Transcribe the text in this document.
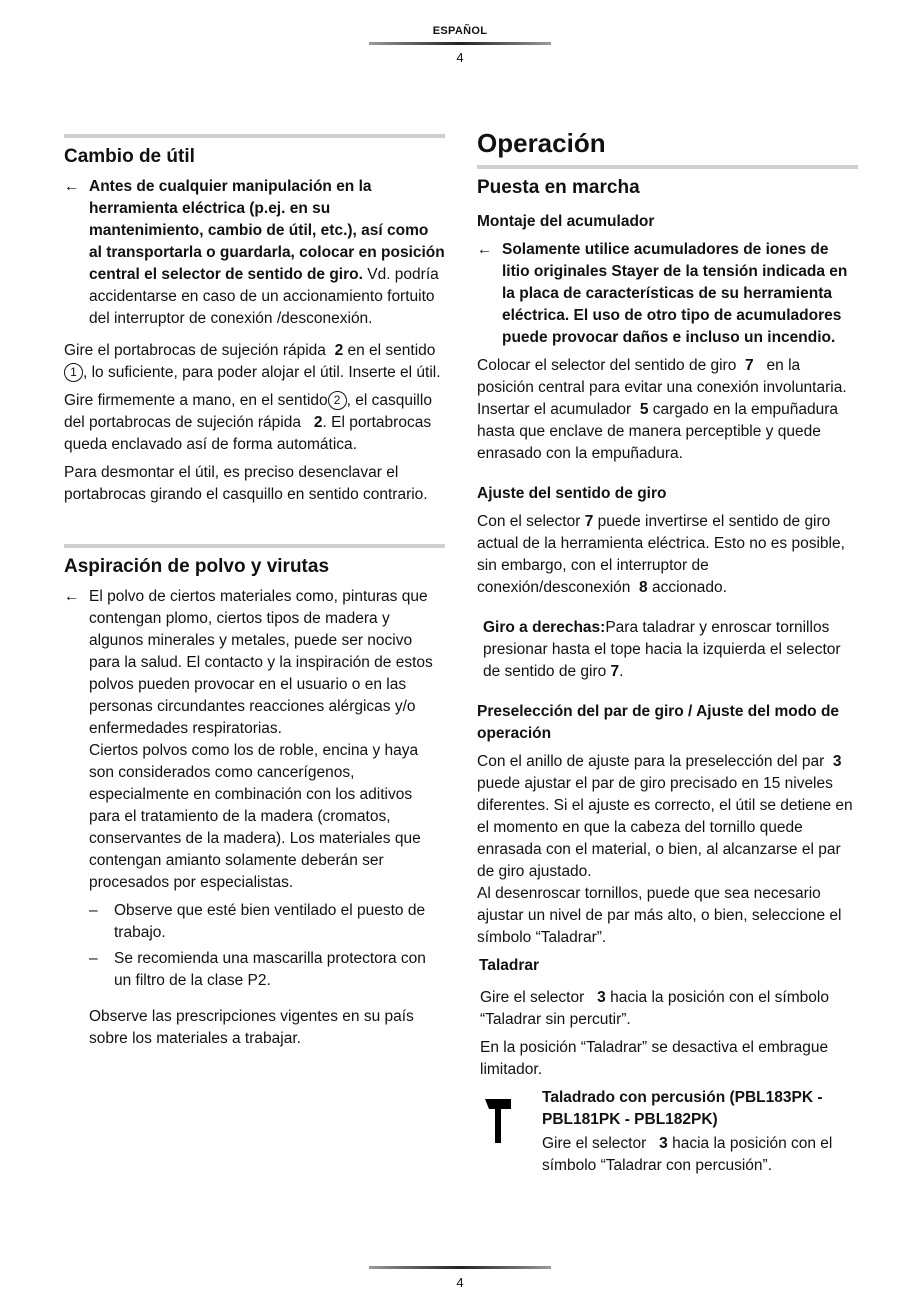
ESPAÑOL
4
Cambio de útil
← Antes de cualquier manipulación en la herramienta eléctrica (p.ej. en su mantenimiento, cambio de útil, etc.), así como al transportarla o guardarla, colocar en posición central el selector de sentido de giro. Vd. podría accidentarse en caso de un accionamiento fortuito del interruptor de conexión /desconexión.

Gire el portabrocas de sujeción rápida 2 en el sentido 1 , lo suficiente, para poder alojar el útil. Inserte el útil.

Gire firmemente a mano, en el sentido 2 , el casquillo del portabrocas de sujeción rápida 2. El portabrocas queda enclavado así de forma automática.

Para desmontar el útil, es preciso desenclavar el portabrocas girando el casquillo en sentido contrario.

Aspiración de polvo y virutas
← El polvo de ciertos materiales como, pinturas que contengan plomo, ciertos tipos de madera y algunos minerales y metales, puede ser nocivo para la salud. El contacto y la inspiración de estos polvos pueden provocar en el usuario o en las personas circundantes reacciones alérgicas y/o enfermedades respiratorias.

Ciertos polvos como los de roble, encina y haya son considerados como cancerígenos, especialmente en combinación con los aditivos para el tratamiento de la madera (cromatos, conservantes de la madera). Los materiales que contengan amianto solamente deberán ser procesados por especialistas.

– Observe que esté bien ventilado el puesto de trabajo.
– Se recomienda una mascarilla protectora con un filtro de la clase P2.

Observe las prescripciones vigentes en su país sobre los materiales a trabajar.

Operación
Puesta en marcha
Montaje del acumulador
← Solamente utilice acumuladores de iones de litio originales Stayer de la tensión indicada en la placa de características de su herramienta eléctrica. El uso de otro tipo de acumuladores puede provocar daños e incluso un incendio.

Colocar el selector del sentido de giro 7 en la posición central para evitar una conexión involuntaria. Insertar el acumulador 5 cargado en la empuñadura hasta que enclave de manera perceptible y quede enrasado con la empuñadura.

Ajuste del sentido de giro

Con el selector 7 puede invertirse el sentido de giro actual de la herramienta eléctrica. Esto no es posible, sin embargo, con el interruptor de conexión/desconexión 8 accionado.

Giro a derechas:Para taladrar y enroscar tornillos presionar hasta el tope hacia la izquierda el selector de sentido de giro 7.

Preselección del par de giro / Ajuste del modo de operación

Con el anillo de ajuste para la preselección del par 3 puede ajustar el par de giro precisado en 15 niveles diferentes. Si el ajuste es correcto, el útil se detiene en el momento en que la cabeza del tornillo quede enrasada con el material, o bien, al alcanzarse el par de giro ajustado.
Al desenroscar tornillos, puede que sea necesario ajustar un nivel de par más alto, o bien, seleccione el símbolo “Taladrar”.

Taladrar

Gire el selector 3 hacia la posición con el símbolo “Taladrar sin percutir”.

En la posición “Taladrar” se desactiva el embrague limitador.

Taladrado con percusión (PBL183PK - PBL181PK - PBL182PK)

Gire el selector 3 hacia la posición con el símbolo “Taladrar con percusión”.

4
